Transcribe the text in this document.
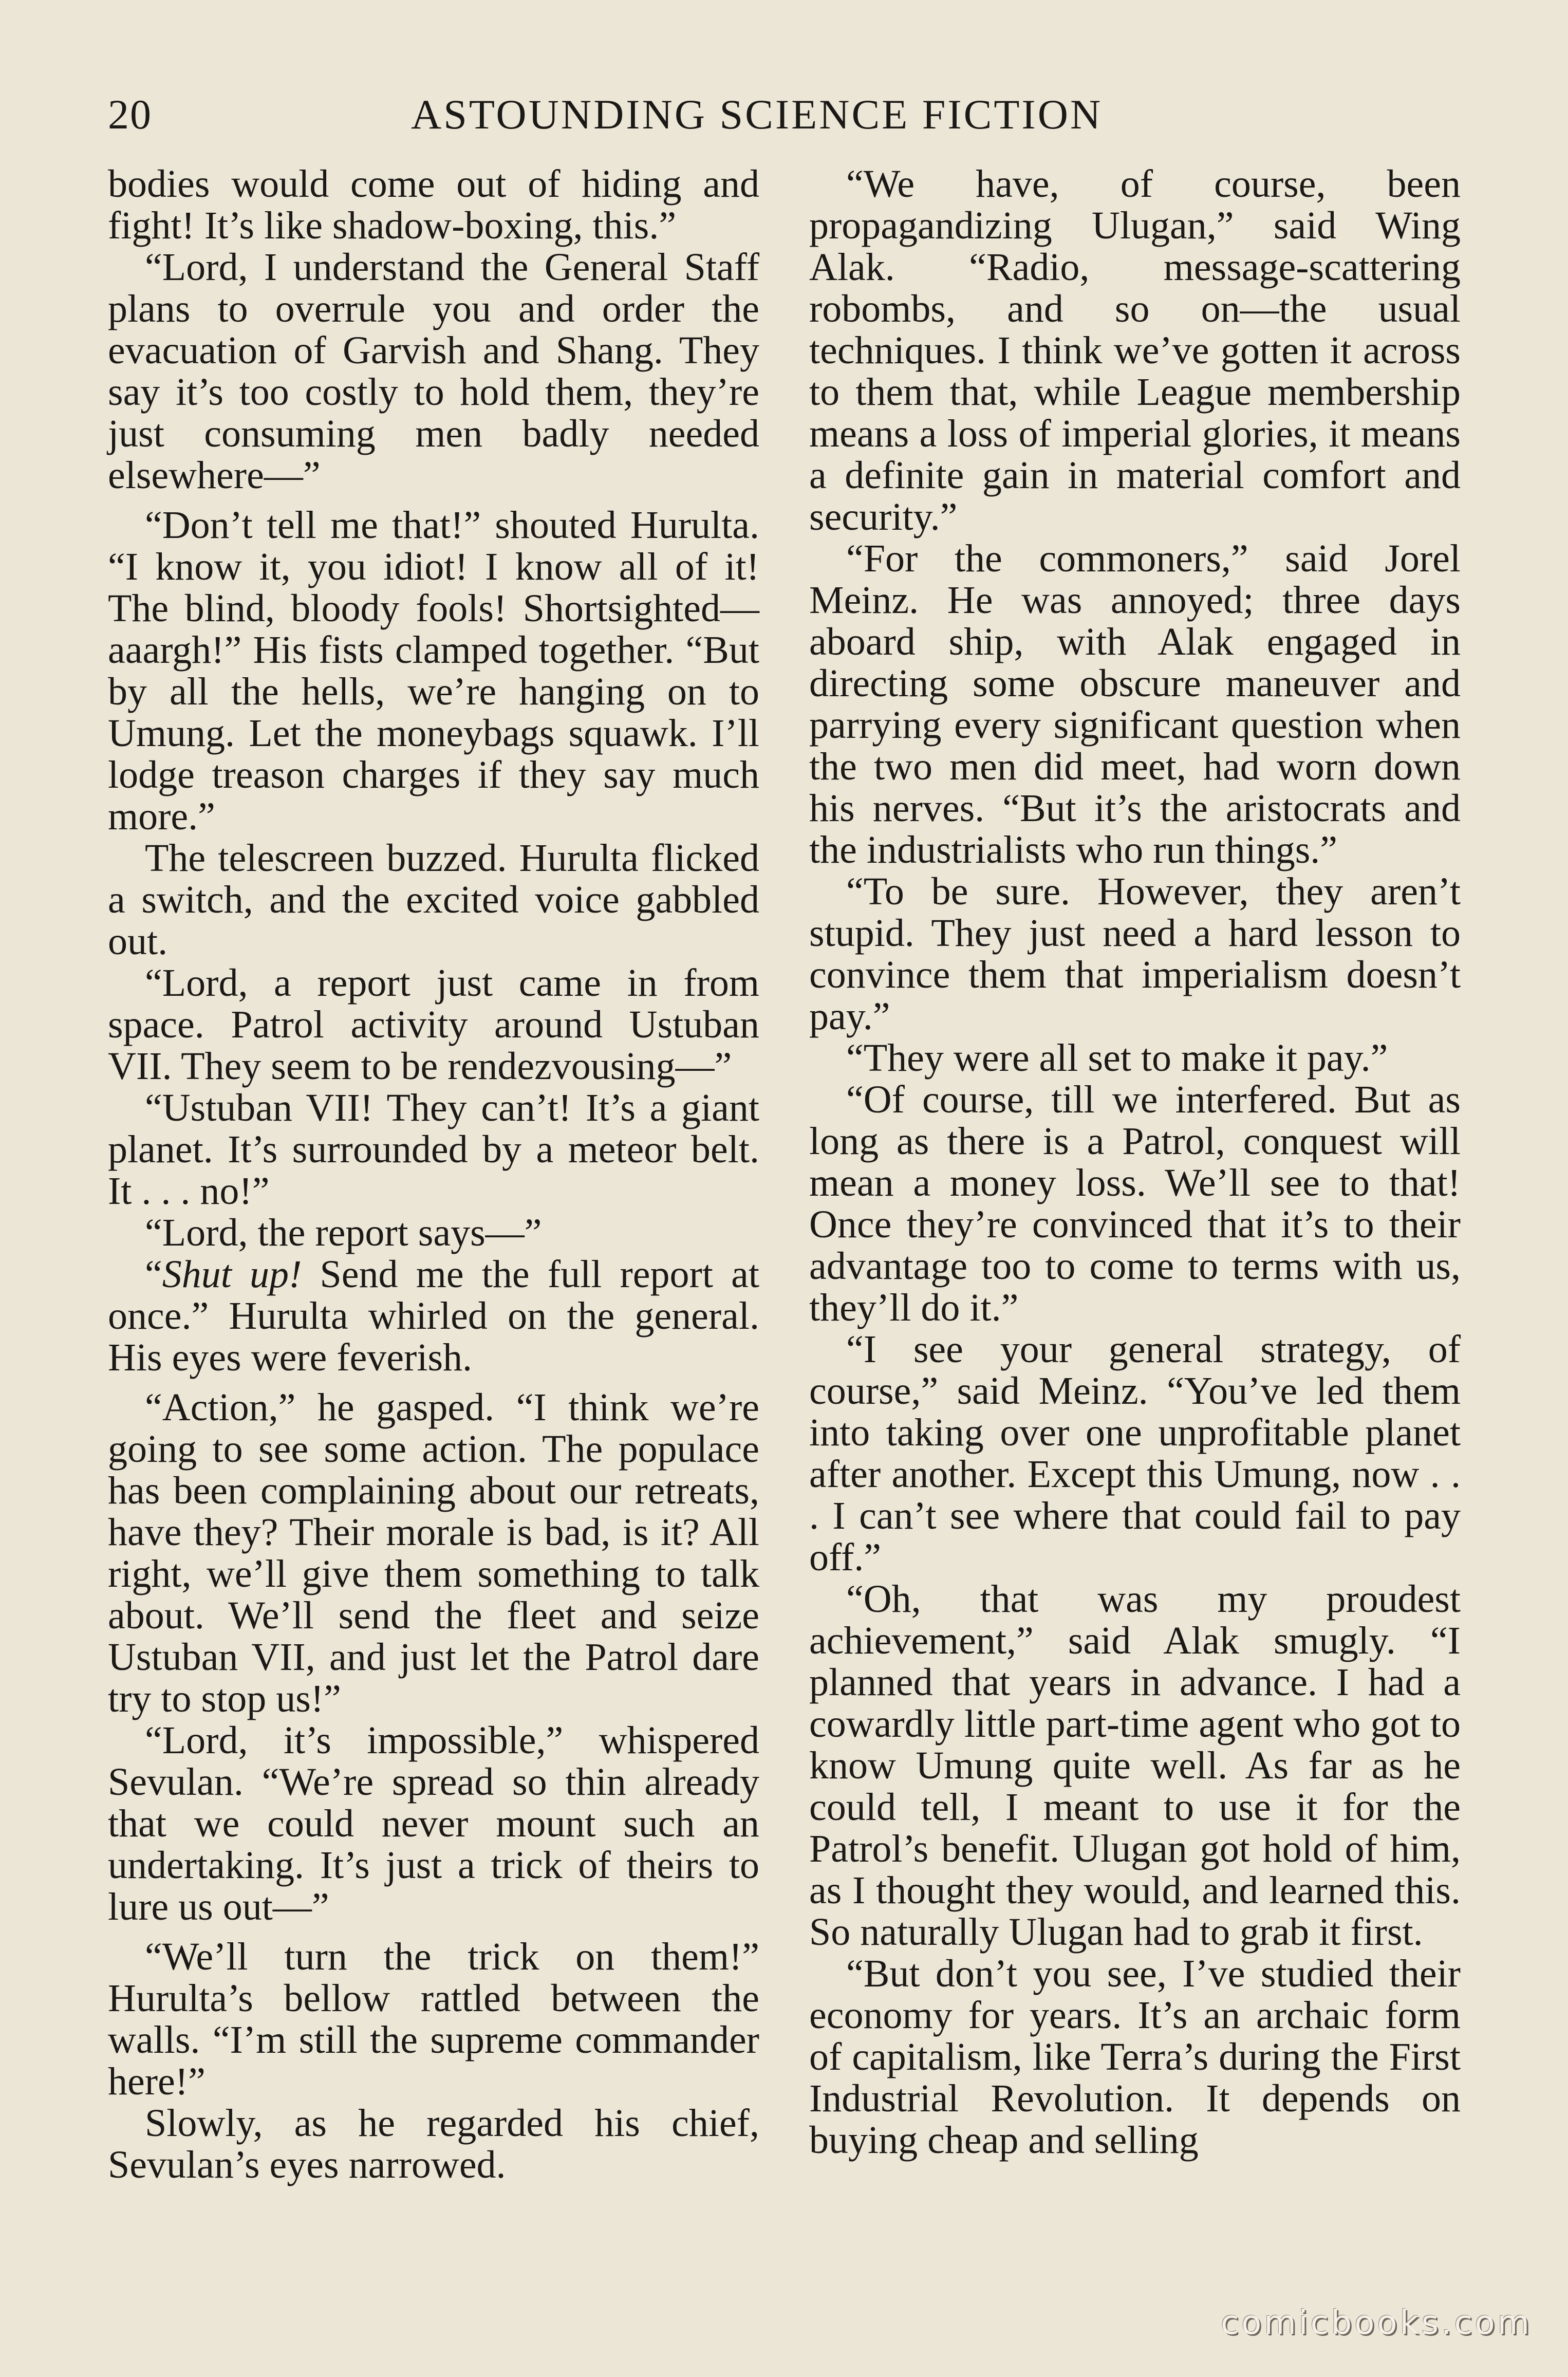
20	ASTOUNDING SCIENCE FICTION

bodies would come out of hiding and fight! It’s like shadow-boxing, this.”

“Lord, I understand the General Staff plans to overrule you and order the evacuation of Garvish and Shang. They say it’s too costly to hold them, they’re just consuming men badly needed elsewhere—”

“Don’t tell me that!” shouted Hurulta. “I know it, you idiot! I know all of it! The blind, bloody fools! Shortsighted—aaargh!” His fists clamped together. “But by all the hells, we’re hanging on to Umung. Let the moneybags squawk. I’ll lodge treason charges if they say much more.”

The telescreen buzzed. Hurulta flicked a switch, and the excited voice gabbled out.

“Lord, a report just came in from space. Patrol activity around Ustuban VII. They seem to be rendezvousing—”

“Ustuban VII! They can’t! It’s a giant planet. It’s surrounded by a meteor belt. It . . . no!”

“Lord, the report says—”

“Shut up! Send me the full report at once.” Hurulta whirled on the general. His eyes were feverish.

“Action,” he gasped. “I think we’re going to see some action. The populace has been complaining about our retreats, have they? Their morale is bad, is it? All right, we’ll give them something to talk about. We’ll send the fleet and seize Ustuban VII, and just let the Patrol dare try to stop us!”

“Lord, it’s impossible,” whispered Sevulan. “We’re spread so thin already that we could never mount such an undertaking. It’s just a trick of theirs to lure us out—”

“We’ll turn the trick on them!” Hurulta’s bellow rattled between the walls. “I’m still the supreme commander here!”

Slowly, as he regarded his chief, Sevulan’s eyes narrowed.

“We have, of course, been propagandizing Ulugan,” said Wing Alak. “Radio, message-scattering robombs, and so on—the usual techniques. I think we’ve gotten it across to them that, while League membership means a loss of imperial glories, it means a definite gain in material comfort and security.”

“For the commoners,” said Jorel Meinz. He was annoyed; three days aboard ship, with Alak engaged in directing some obscure maneuver and parrying every significant question when the two men did meet, had worn down his nerves. “But it’s the aristocrats and the industrialists who run things.”

“To be sure. However, they aren’t stupid. They just need a hard lesson to convince them that imperialism doesn’t pay.”

“They were all set to make it pay.”

“Of course, till we interfered. But as long as there is a Patrol, conquest will mean a money loss. We’ll see to that! Once they’re convinced that it’s to their advantage too to come to terms with us, they’ll do it.”

“I see your general strategy, of course,” said Meinz. “You’ve led them into taking over one unprofitable planet after another. Except this Umung, now . . . I can’t see where that could fail to pay off.”

“Oh, that was my proudest achievement,” said Alak smugly. “I planned that years in advance. I had a cowardly little part-time agent who got to know Umung quite well. As far as he could tell, I meant to use it for the Patrol’s benefit. Ulugan got hold of him, as I thought they would, and learned this. So naturally Ulugan had to grab it first.

“But don’t you see, I’ve studied their economy for years. It’s an archaic form of capitalism, like Terra’s during the First Industrial Revolution. It depends on buying cheap and selling

comicbooks.com
